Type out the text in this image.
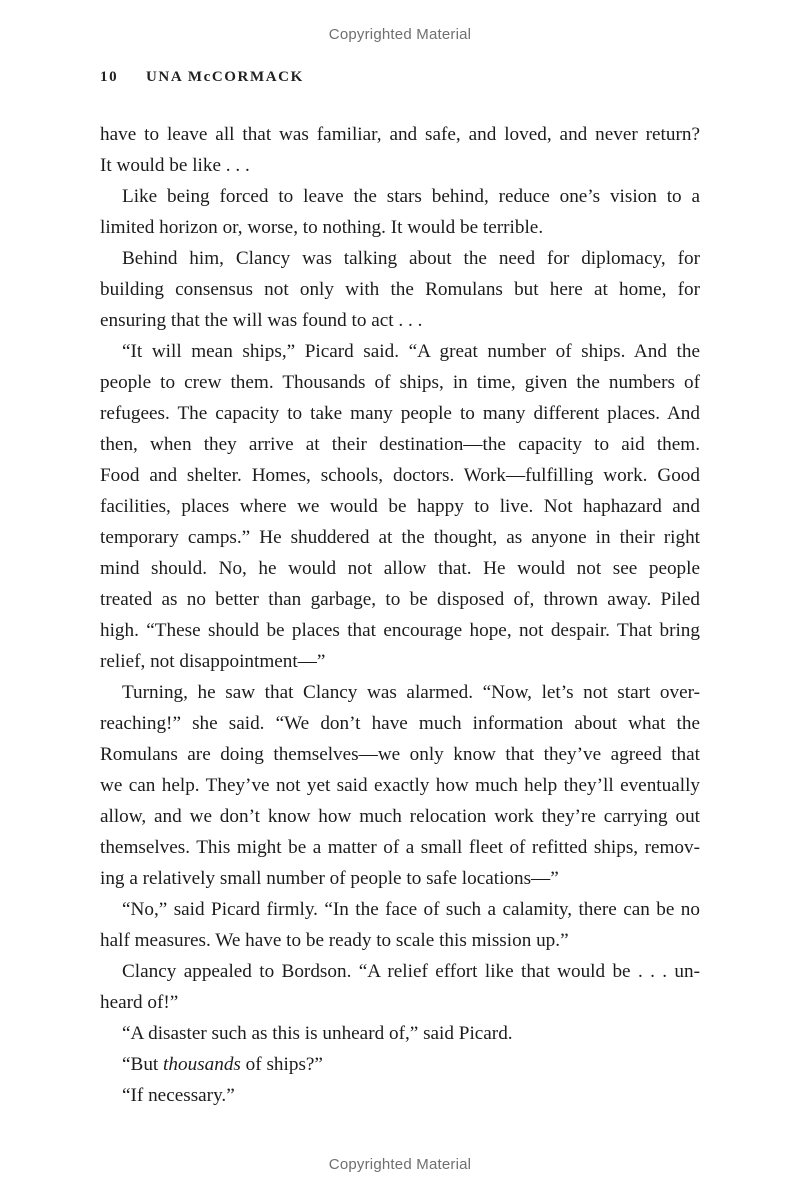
Copyrighted Material
10 UNA McCORMACK

have to leave all that was familiar, and safe, and loved, and never return?
It would be like . . .

Like being forced to leave the stars behind, reduce one’s vision to a
limited horizon or, worse, to nothing. It would be terrible.

Behind him, Clancy was talking about the need for diplomacy, for
building consensus not only with the Romulans but here at home, for
ensuring that the will was found to act . . .

“It will mean ships,” Picard said. “A great number of ships. And the
people to crew them. Thousands of ships, in time, given the numbers of
refugees. The capacity to take many people to many different places. And
then, when they arrive at their destination—the capacity to aid them.
Food and shelter. Homes, schools, doctors. Work—fulfilling work. Good
facilities, places where we would be happy to live. Not haphazard and
temporary camps.” He shuddered at the thought, as anyone in their right
mind should. No, he would not allow that. He would not see people
treated as no better than garbage, to be disposed of, thrown away. Piled
high. “These should be places that encourage hope, not despair. That bring
relief, not disappointment—”

Turning, he saw that Clancy was alarmed. “Now, let’s not start over-
reaching!” she said. “We don’t have much information about what the
Romulans are doing themselves—we only know that they’ve agreed that
we can help. They’ve not yet said exactly how much help they’ll eventually
allow, and we don’t know how much relocation work they’re carrying out
themselves. This might be a matter of a small fleet of refitted ships, remov-
ing a relatively small number of people to safe locations—”

“No,” said Picard firmly. “In the face of such a calamity, there can be no
half measures. We have to be ready to scale this mission up.”

Clancy appealed to Bordson. “A relief effort like that would be . . . un-
heard of!”

“A disaster such as this is unheard of,” said Picard.

“But thousands of ships?”

“If necessary.”

Copyrighted Material
